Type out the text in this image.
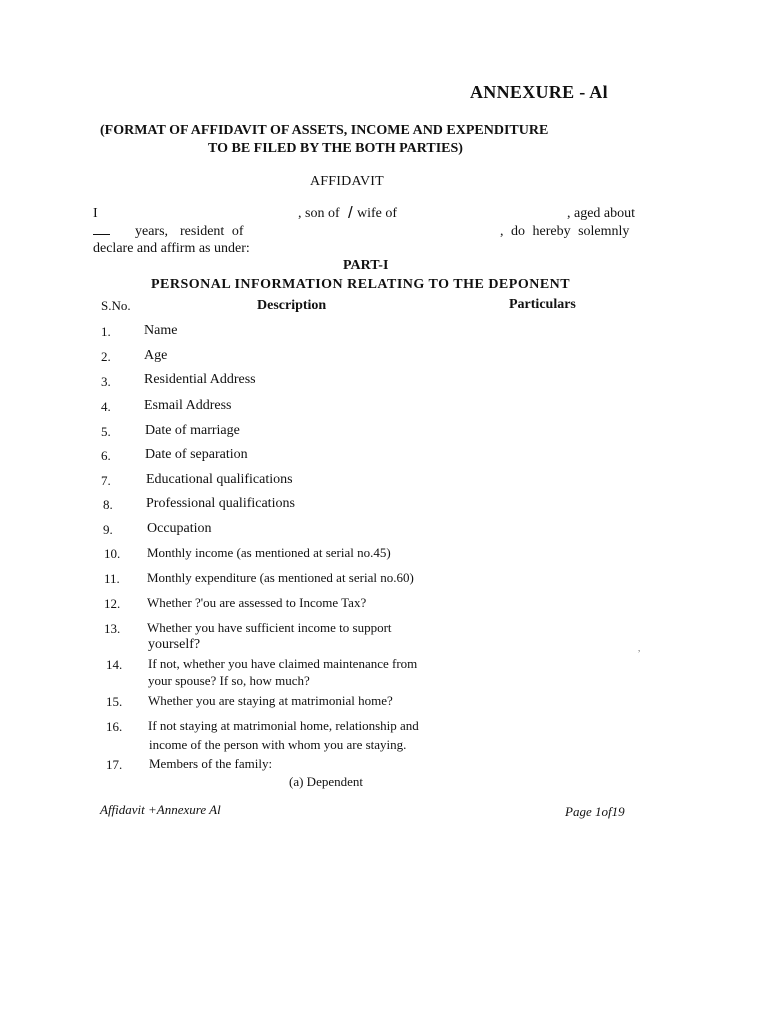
ANNEXURE - Al
(FORMAT OF AFFIDAVIT OF ASSETS, INCOME AND EXPENDITURE
TO BE FILED BY THE BOTH PARTIES)
AFFIDAVIT
I	, son of / wife of	, aged about
years, resident of	, do hereby solemnly
declare and affirm as under:
PART-I
PERSONAL INFORMATION RELATING TO THE DEPONENT
S.No.	Description	Particulars
1. Name
2. Age
3. Residential Address
4. Esmail Address
5. Date of marriage
6. Date of separation
7.	Educational qualifications
8. Professional qualifications
9. Occupation
10. Monthly income (as mentioned at serial no.45)
11. Monthly expenditure (as mentioned at serial no.60)
12. Whether ?'ou are assessed to Income Tax?
13. Whether you have sufficient income to support
yourself?
14. If not, whether you have claimed maintenance from
your spouse? If so, how much?
15. Whether you are staying at matrimonial home?
16. If not staying at matrimonial home, relationship and
income of the person with whom you are staying.
17. Members of the family:
(a) Dependent
,
Affidavit +Annexure Al	Page 1of19
